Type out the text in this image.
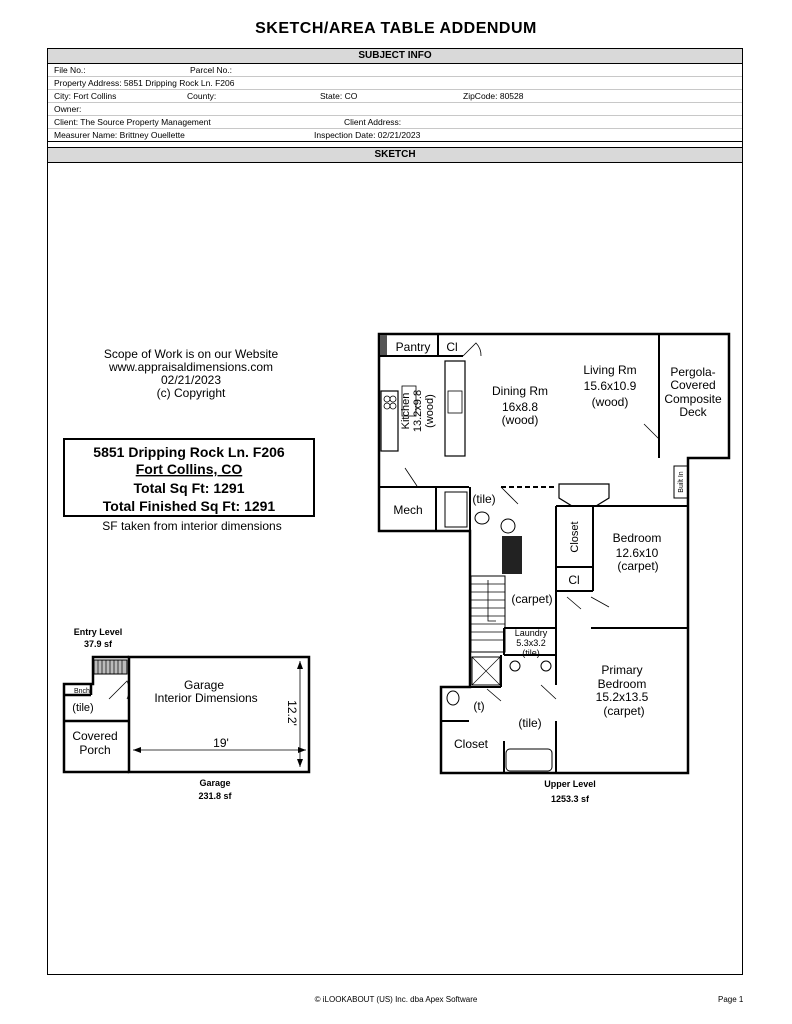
SKETCH/AREA TABLE ADDENDUM
SUBJECT INFO
File No.:	Parcel No.:
Property Address: 5851 Dripping Rock Ln. F206
City: Fort Collins	County:	State: CO	ZipCode: 80528
Owner:
Client: The Source Property Management	Client Address:
Measurer Name: Brittney Ouellette	Inspection Date: 02/21/2023
SKETCH
Scope of Work is on our Website
www.appraisaldimensions.com
02/21/2023
(c) Copyright
5851 Dripping Rock Ln. F206
Fort Collins, CO
Total Sq Ft: 1291
Total Finished Sq Ft: 1291
SF taken from interior dimensions
Entry Level
37.9 sf
Bnch
(tile)
Covered
Porch
Garage
Interior Dimensions
19'
12.2'
Garage
231.8 sf
Pantry Cl
Dining Rm
16x8.8
(wood)
Living Rm
15.6x10.9
(wood)
Pergola-
Covered
Composite
Deck
Mech
(tile)
Bedroom
12.6x10
(carpet)
Cl
(carpet)
Primary
Bedroom
15.2x13.5
(carpet)
(t)
(tile)
Closet
Laundry
5.3x3.2
(tile)
Kitchen 13.2x9.8 (wood)
Closet
Built In
Upper Level
1253.3 sf
© iLOOKABOUT (US) Inc. dba Apex Software	Page 1
